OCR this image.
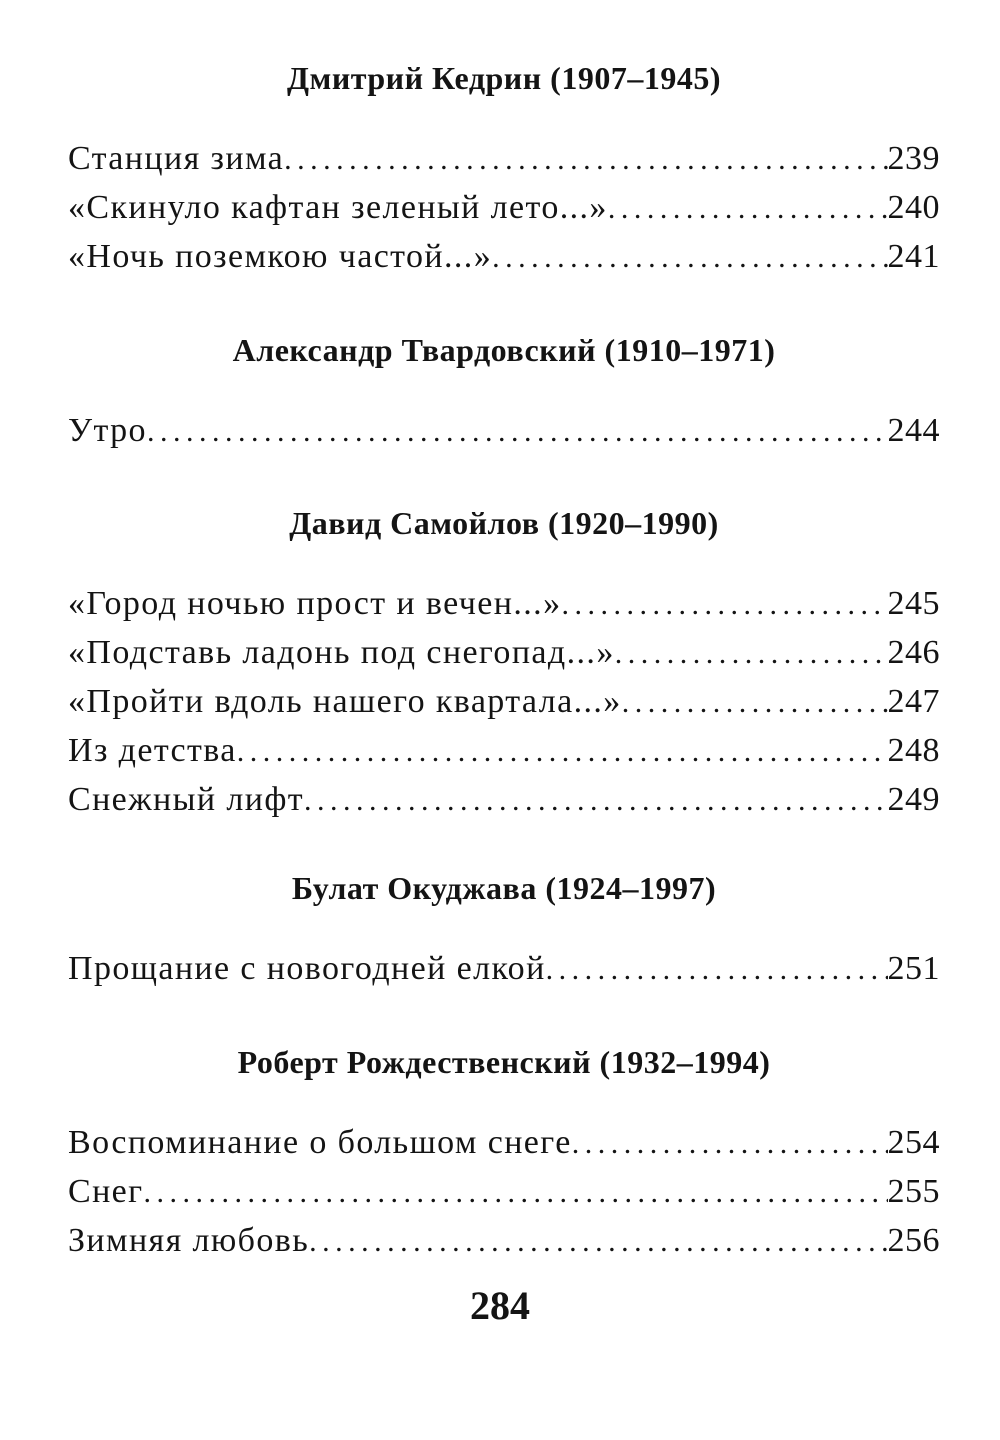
Дмитрий Кедрин (1907–1945)
Станция зима . . .	239
«Скинуло кафтан зеленый лето...» . . .	240
«Ночь поземкою частой...» . . .	241
Александр Твардовский (1910–1971)
Утро . . .	244
Давид Самойлов (1920–1990)
«Город ночью прост и вечен...» . . .	245
«Подставь ладонь под снегопад...» . . .	246
«Пройти вдоль нашего квартала...» . . .	247
Из детства . . .	248
Снежный лифт . . .	249
Булат Окуджава (1924–1997)
Прощание с новогодней елкой . . .	251
Роберт Рождественский (1932–1994)
Воспоминание о большом снеге . . .	254
Снег . . .	255
Зимняя любовь . . .	256
284
